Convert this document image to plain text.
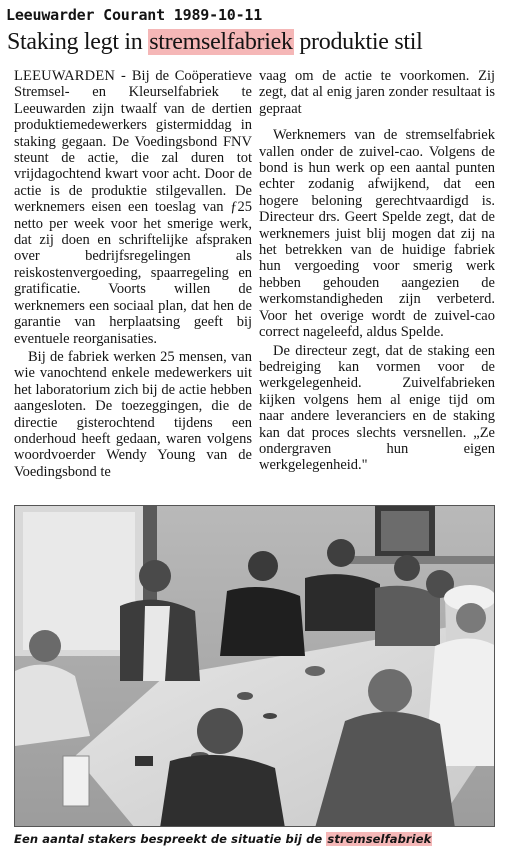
Leeuwarder Courant 1989-10-11
Staking legt in stremselfabriek produktie stil

LEEUWARDEN - Bij de Coöperatieve Stremsel- en Kleurselfabriek te Leeuwarden zijn twaalf van de dertien produktiemedewerkers gistermiddag in staking gegaan. De Voedingsbond FNV steunt de actie, die zal duren tot vrijdagochtend kwart voor acht. Door de actie is de produktie stilgevallen. De werknemers eisen een toeslag van ƒ25 netto per week voor het smerige werk, dat zij doen en schriftelijke afspraken over bedrijfsregelingen als reiskostenvergoeding, spaarregeling en gratificatie. Voorts willen de werknemers een sociaal plan, dat hen de garantie van herplaatsing geeft bij eventuele reorganisaties.

Bij de fabriek werken 25 mensen, van wie vanochtend enkele medewerkers uit het laboratorium zich bij de actie hebben aangesloten. De toezeggingen, die de directie gisterochtend tijdens een onderhoud heeft gedaan, waren volgens woordvoerder Wendy Young van de Voedingsbond te

vaag om de actie te voorkomen. Zij zegt, dat al enig jaren zonder resultaat is gepraat

Werknemers van de stremselfabriek vallen onder de zuivel-cao. Volgens de bond is hun werk op een aantal punten echter zodanig afwijkend, dat een hogere beloning gerechtvaardigd is. Directeur drs. Geert Spelde zegt, dat de werknemers juist blij mogen dat zij na het betrekken van de huidige fabriek hun vergoeding voor smerig werk hebben gehouden aangezien de werkomstandigheden zijn verbeterd. Voor het overige wordt de zuivel-cao correct nageleefd, aldus Spelde.

De directeur zegt, dat de staking een bedreiging kan vormen voor de werkgelegenheid. Zuivelfabrieken kijken volgens hem al enige tijd om naar andere leveranciers en de staking kan dat proces slechts versnellen. „Ze ondergraven hun eigen werkgelegenheid."

Een aantal stakers bespreekt de situatie bij de stremselfabriek
